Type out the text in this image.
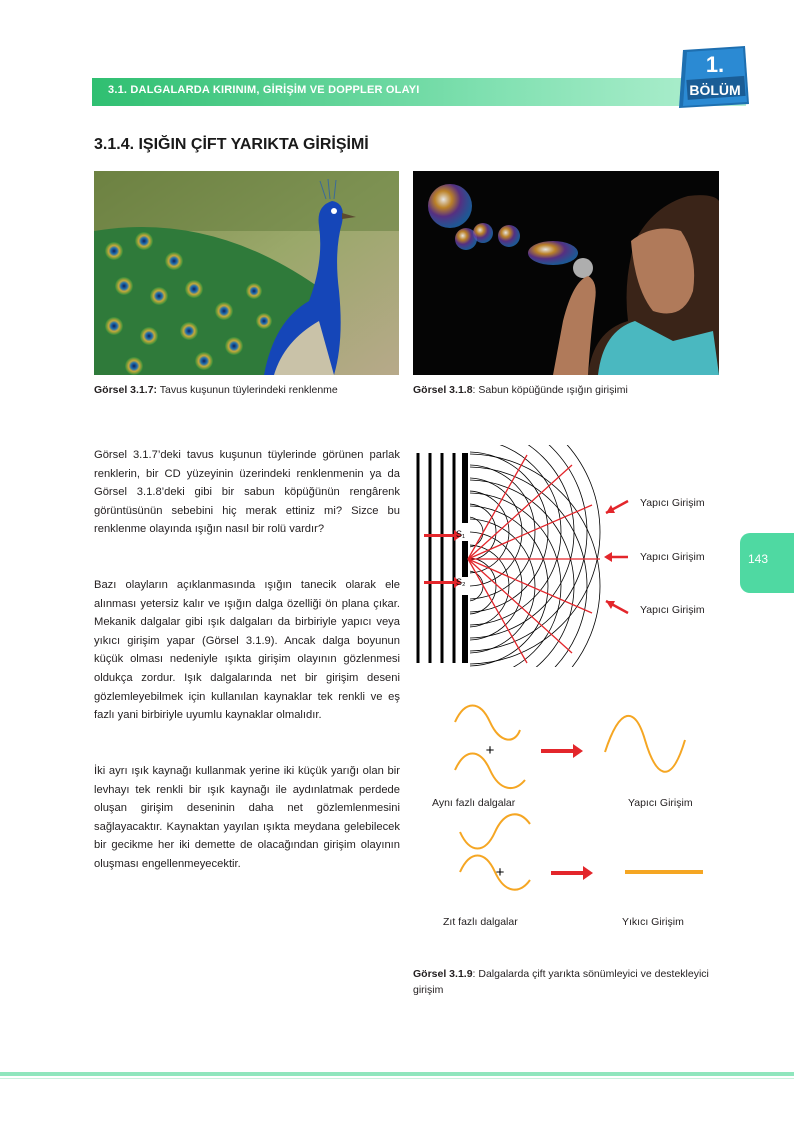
3.1. DALGALARDA KIRINIM, GİRİŞİM VE DOPPLER OLAYI
1.
BÖLÜM
3.1.4. IŞIĞIN ÇİFT YARIKTA GİRİŞİMİ
Görsel 3.1.7: Tavus kuşunun tüylerindeki renklenme	Görsel 3.1.8: Sabun köpüğünde ışığın girişimi

Görsel 3.1.7’deki tavus kuşunun tüylerinde görünen parlak renklerin, bir CD yüzeyinin üzerindeki renklenmenin ya da Görsel 3.1.8’deki gibi bir sabun köpüğünün rengârenk görüntüsünün sebebini hiç merak ettiniz mi? Sizce bu renklenme olayında ışığın nasıl bir rolü vardır?

Bazı olayların açıklanmasında ışığın tanecik olarak ele alınması yetersiz kalır ve ışığın dalga özelliği ön plana çıkar. Mekanik dalgalar gibi ışık dalgaları da birbiriyle yapıcı veya yıkıcı girişim yapar (Görsel 3.1.9). Ancak dalga boyunun küçük olması nedeniyle ışıkta girişim olayının gözlenmesi oldukça zordur. Işık dalgalarında net bir girişim deseni gözlemleyebilmek için kullanılan kaynaklar tek renkli ve eş fazlı yani birbiriyle uyumlu kaynaklar olmalıdır.

İki ayrı ışık kaynağı kullanmak yerine iki küçük yarığı olan bir levhayı tek renkli bir ışık kaynağı ile aydınlatmak perdede oluşan girişim deseninin daha net gözlemlenmesini sağlayacaktır. Kaynaktan yayılan ışıkta meydana gelebilecek bir gecikme her iki demette de olacağından girişim olayının oluşması engellenmeyecektir.

143
S₁
S₂
Yapıcı Girişim
Yapıcı Girişim
Yapıcı Girişim
+
+
Aynı fazlı dalgalar	Yapıcı Girişim
Zıt fazlı dalgalar	Yıkıcı Girişim
Görsel 3.1.9: Dalgalarda çift yarıkta sönümleyici ve destekleyici girişim
